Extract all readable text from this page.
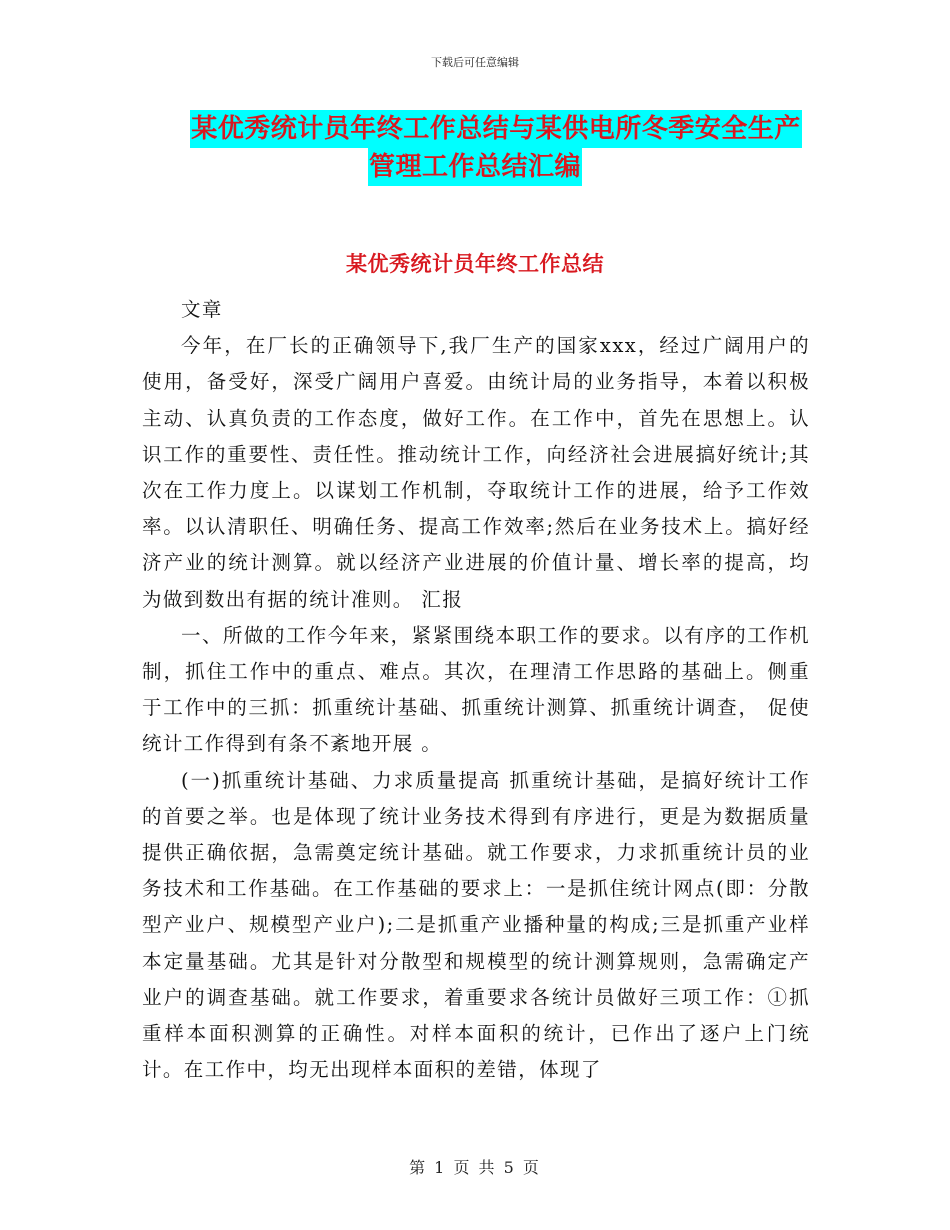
下载后可任意编辑
某优秀统计员年终工作总结与某供电所冬季安全生产
管理工作总结汇编
某优秀统计员年终工作总结

文章

今年，在厂长的正确领导下,我厂生产的国家xxx，经过广阔用户的使用，备受好，深受广阔用户喜爱。由统计局的业务指导，本着以积极主动、认真负责的工作态度，做好工作。在工作中，首先在思想上。认识工作的重要性、责任性。推动统计工作，向经济社会进展搞好统计;其次在工作力度上。以谋划工作机制，夺取统计工作的进展，给予工作效率。以认清职任、明确任务、提高工作效率;然后在业务技术上。搞好经济产业的统计测算。就以经济产业进展的价值计量、增长率的提高，均为做到数出有据的统计准则。 汇报

一、所做的工作今年来，紧紧围绕本职工作的要求。以有序的工作机制，抓住工作中的重点、难点。其次，在理清工作思路的基础上。侧重于工作中的三抓：抓重统计基础、抓重统计测算、抓重统计调查， 促使统计工作得到有条不紊地开展 。

(一)抓重统计基础、力求质量提高 抓重统计基础，是搞好统计工作的首要之举。也是体现了统计业务技术得到有序进行，更是为数据质量提供正确依据，急需奠定统计基础。就工作要求，力求抓重统计员的业务技术和工作基础。在工作基础的要求上：一是抓住统计网点(即：分散型产业户、规模型产业户);二是抓重产业播种量的构成;三是抓重产业样本定量基础。尤其是针对分散型和规模型的统计测算规则，急需确定产业户的调查基础。就工作要求，着重要求各统计员做好三项工作：①抓重样本面积测算的正确性。对样本面积的统计，已作出了逐户上门统计。在工作中，均无出现样本面积的差错，体现了

第 1 页 共 5 页
